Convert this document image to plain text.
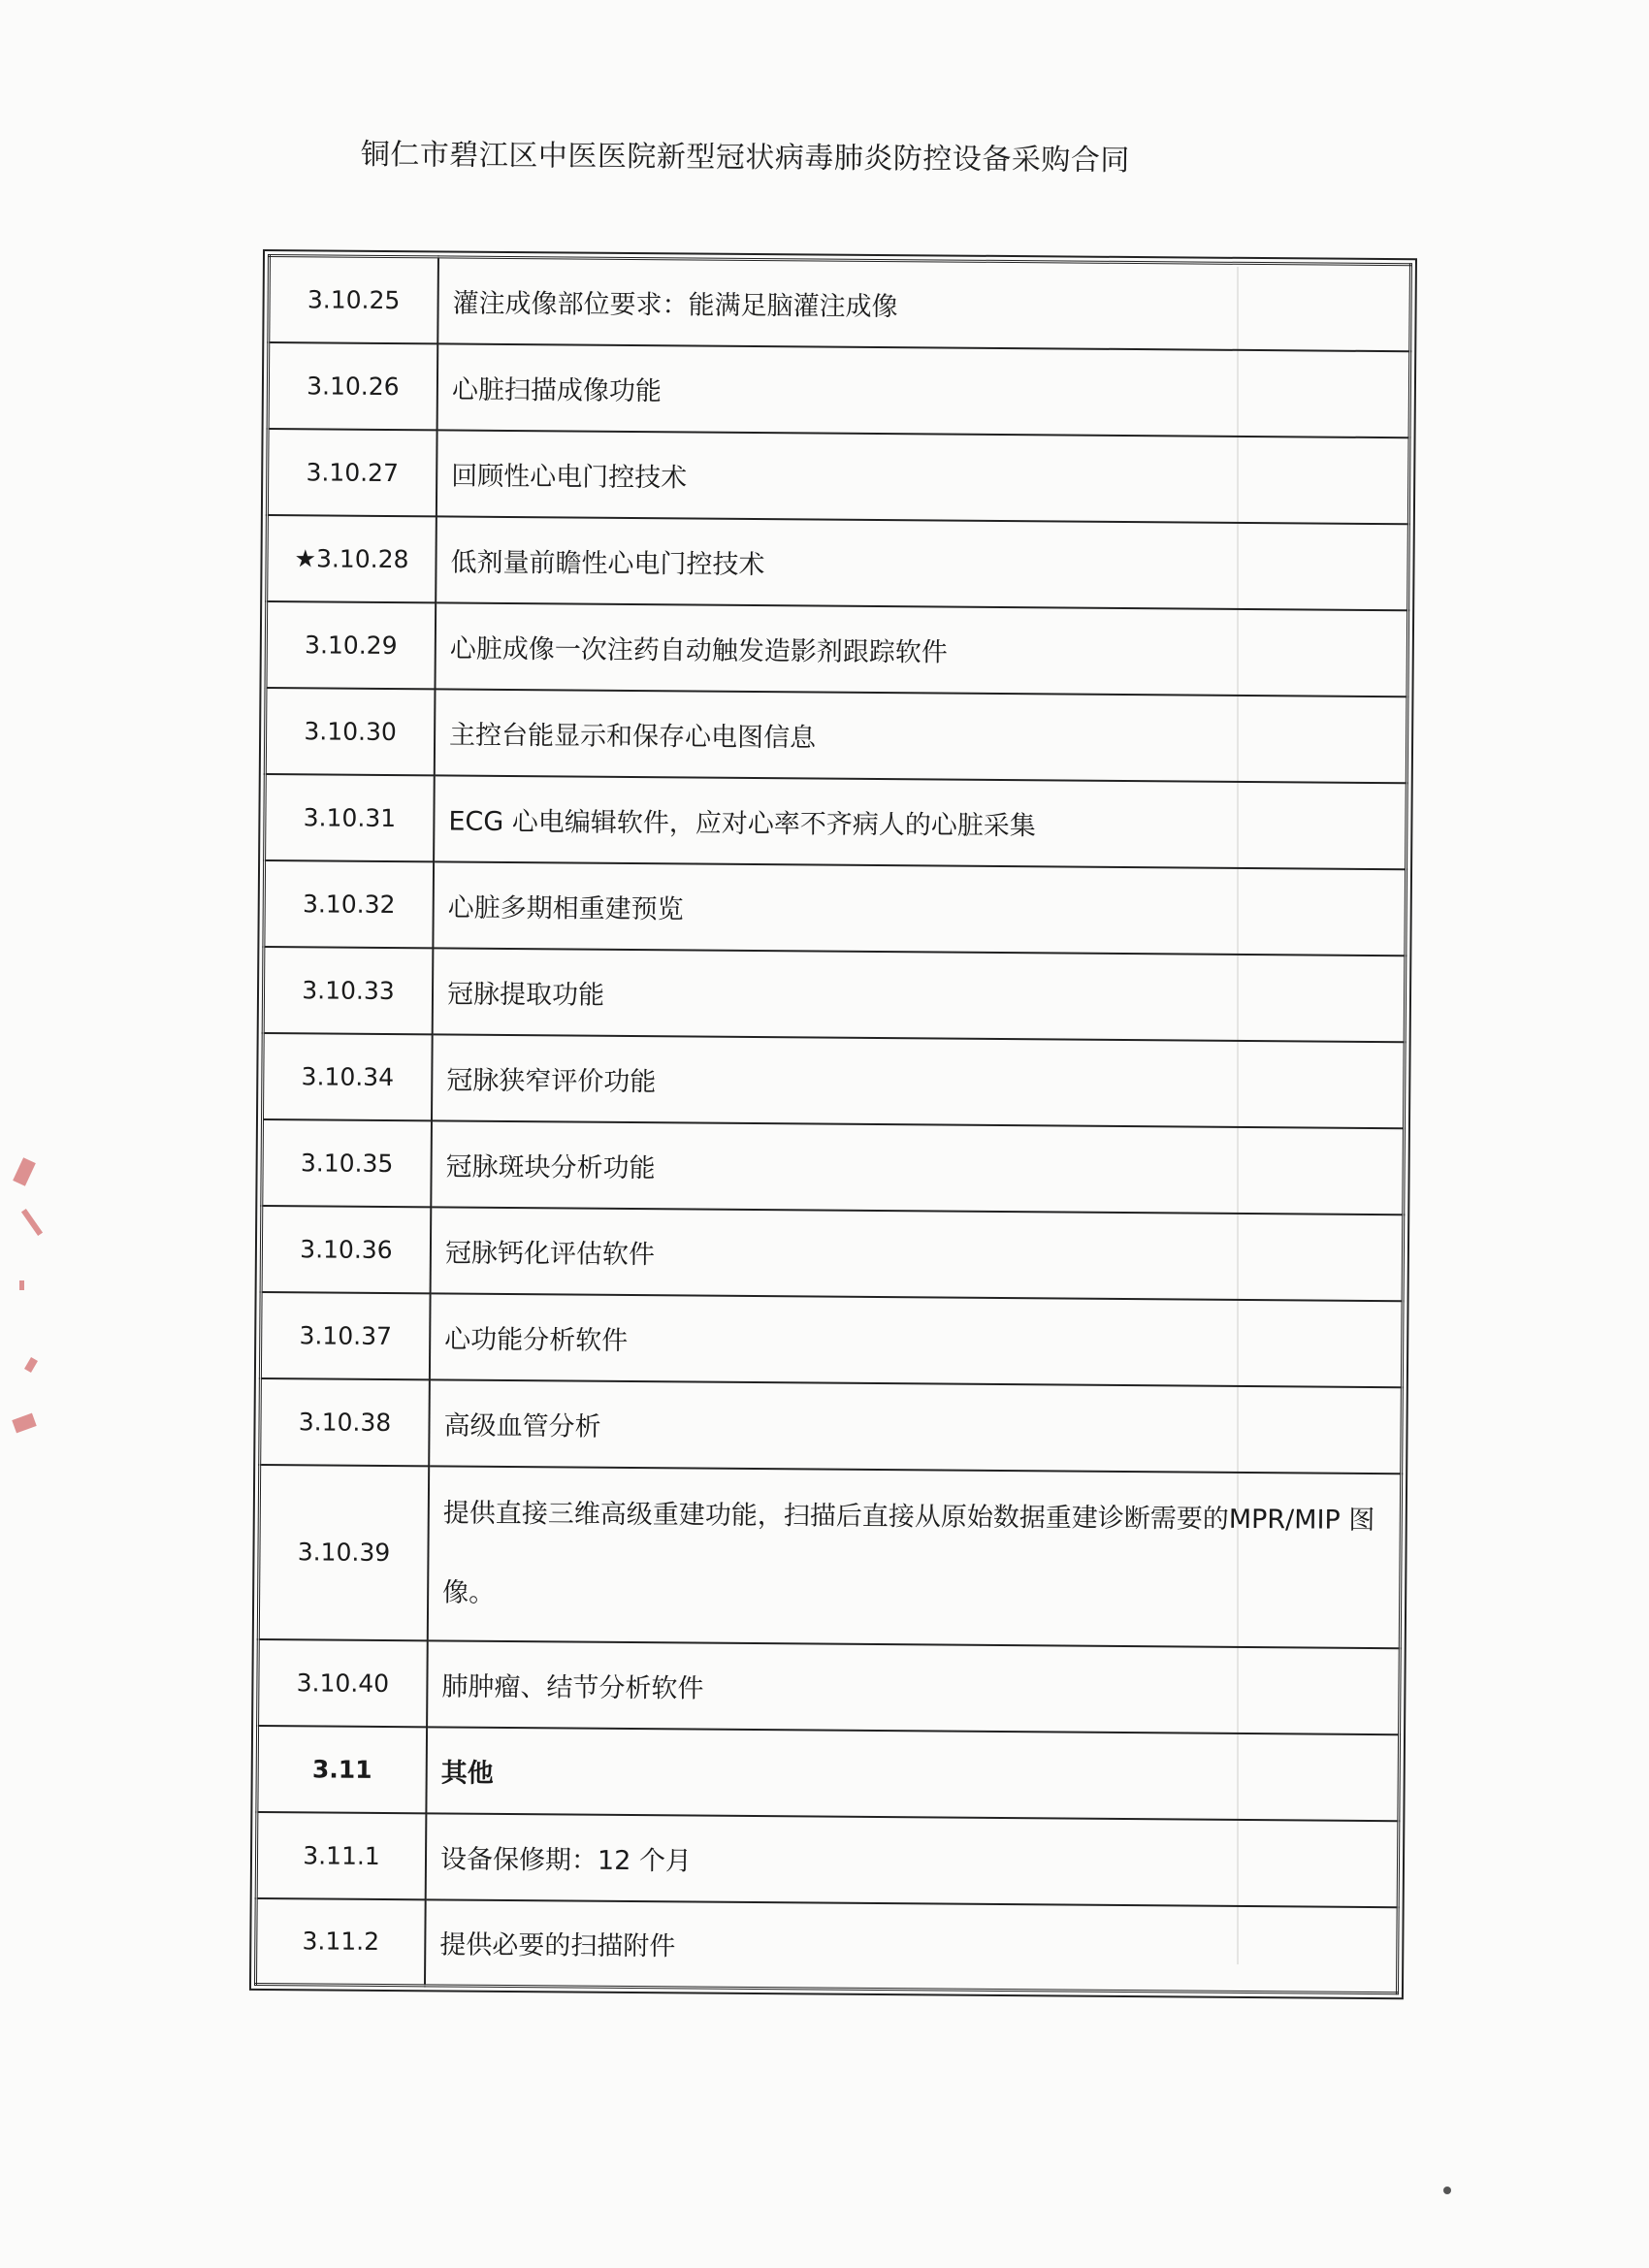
铜仁市碧江区中医医院新型冠状病毒肺炎防控设备采购合同
3.10.25	灌注成像部位要求：能满足脑灌注成像
3.10.26	心脏扫描成像功能
3.10.27	回顾性心电门控技术
★3.10.28	低剂量前瞻性心电门控技术
3.10.29	心脏成像一次注药自动触发造影剂跟踪软件
3.10.30	主控台能显示和保存心电图信息
3.10.31	ECG 心电编辑软件，应对心率不齐病人的心脏采集
3.10.32	心脏多期相重建预览
3.10.33	冠脉提取功能
3.10.34	冠脉狭窄评价功能
3.10.35	冠脉斑块分析功能
3.10.36	冠脉钙化评估软件
3.10.37	心功能分析软件
3.10.38	高级血管分析
3.10.39	提供直接三维高级重建功能，扫描后直接从原始数据重建诊断需要的MPR/MIP 图像。
3.10.40	肺肿瘤、结节分析软件
3.11	其他
3.11.1	设备保修期：12 个月
3.11.2	提供必要的扫描附件
